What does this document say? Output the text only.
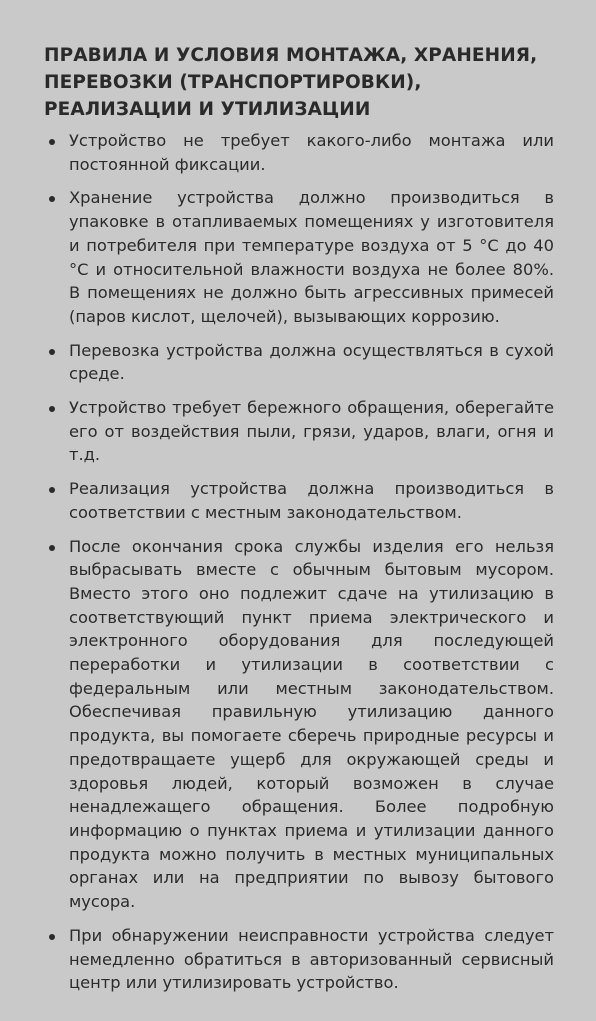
ПРАВИЛА И УСЛОВИЯ МОНТАЖА, ХРАНЕНИЯ, ПЕРЕВОЗКИ (ТРАНСПОРТИРОВКИ), РЕАЛИЗАЦИИ И УТИЛИЗАЦИИ
Устройство не требует какого-либо монтажа или постоянной фиксации.
Хранение устройства должно производиться в упаковке в отапливаемых помещениях у изготовителя и потребителя при температуре воздуха от 5 °С до 40 °С и относительной влажности воздуха не более 80%. В помещениях не должно быть агрессивных примесей (паров кислот, щелочей), вызывающих коррозию.
Перевозка устройства должна осуществляться в сухой среде.
Устройство требует бережного обращения, оберегайте его от воздействия пыли, грязи, ударов, влаги, огня и т.д.
Реализация устройства должна производиться в соответствии с местным законодательством.
После окончания срока службы изделия его нельзя выбрасывать вместе с обычным бытовым мусором. Вместо этого оно подлежит сдаче на утилизацию в соответствующий пункт приема электрического и электронного оборудования для последующей переработки и утилизации в соответствии с федеральным или местным законодательством. Обеспечивая правильную утилизацию данного продукта, вы помогаете сберечь природные ресурсы и предотвращаете ущерб для окружающей среды и здоровья людей, который возможен в случае ненадлежащего обращения. Более подробную информацию о пунктах приема и утилизации данного продукта можно получить в местных муниципальных органах или на предприятии по вывозу бытового мусора.
При обнаружении неисправности устройства следует немедленно обратиться в авторизованный сервисный центр или утилизировать устройство.
